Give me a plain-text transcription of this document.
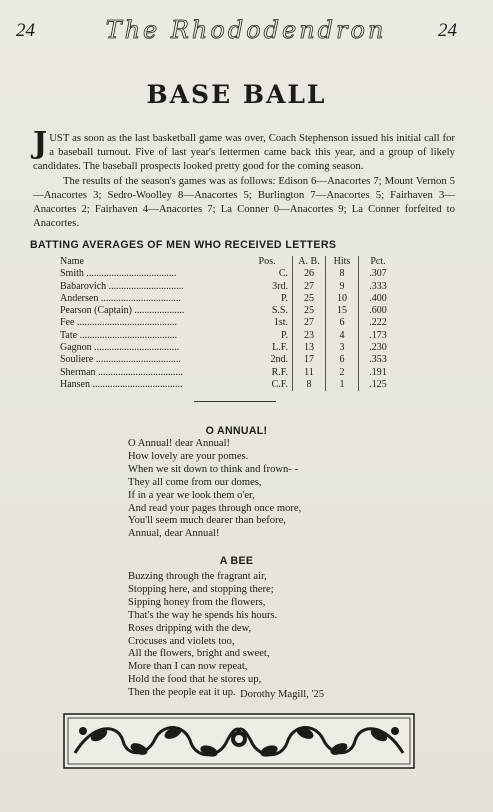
24	The Rhododendron	24
BASE BALL

JUST as soon as the last basketball game was over, Coach Stephenson issued his initial call for a baseball turnout. Five of last year's lettermen came back this year, and a group of likely candidates. The baseball prospects looked pretty good for the coming season.

The results of the season's games was as follows: Edison 6—Anacortes 7; Mount Vernon 5—Anacortes 3; Sedro-Woolley 8—Anacortes 5; Burlington 7—Anacortes 5; Fairhaven 3—Anacortes 2; Fairhaven 4—Anacortes 7; La Conner 0—Anacortes 9; La Conner forfeited to Anacortes.

BATTING AVERAGES OF MEN WHO RECEIVED LETTERS
Name	Pos.	A. B.	Hits	Pct.
Smith ....................................	C.	26	8	.307
Babarovich ..............................	3rd.	27	9	.333
Andersen ................................	P.	25	10	.400
Pearson (Captain) ....................	S.S.	25	15	.600
Fee ........................................	1st.	27	6	.222
Tate .......................................	P.	23	4	.173
Gagnon ..................................	L.F.	13	3	.230
Souliere ..................................	2nd.	17	6	.353
Sherman ..................................	R.F.	11	2	.191
Hansen ....................................	C.F.	8	1	.125
O ANNUAL!
O Annual! dear Annual!
How lovely are your pomes.
When we sit down to think and frown- -
They all come from our domes,
If in a year we look them o'er,
And read your pages through once more,
You'll seem much dearer than before,
Annual, dear Annual!
A BEE
Buzzing through the fragrant air,
Stopping here, and stopping there;
Sipping honey from the flowers,
That's the way he spends his hours.
Roses dripping with the dew,
Crocuses and violets too,
All the flowers, bright and sweet,
More than I can now repeat,
Hold the food that he stores up,
Then the people eat it up. Dorothy Magill, '25
